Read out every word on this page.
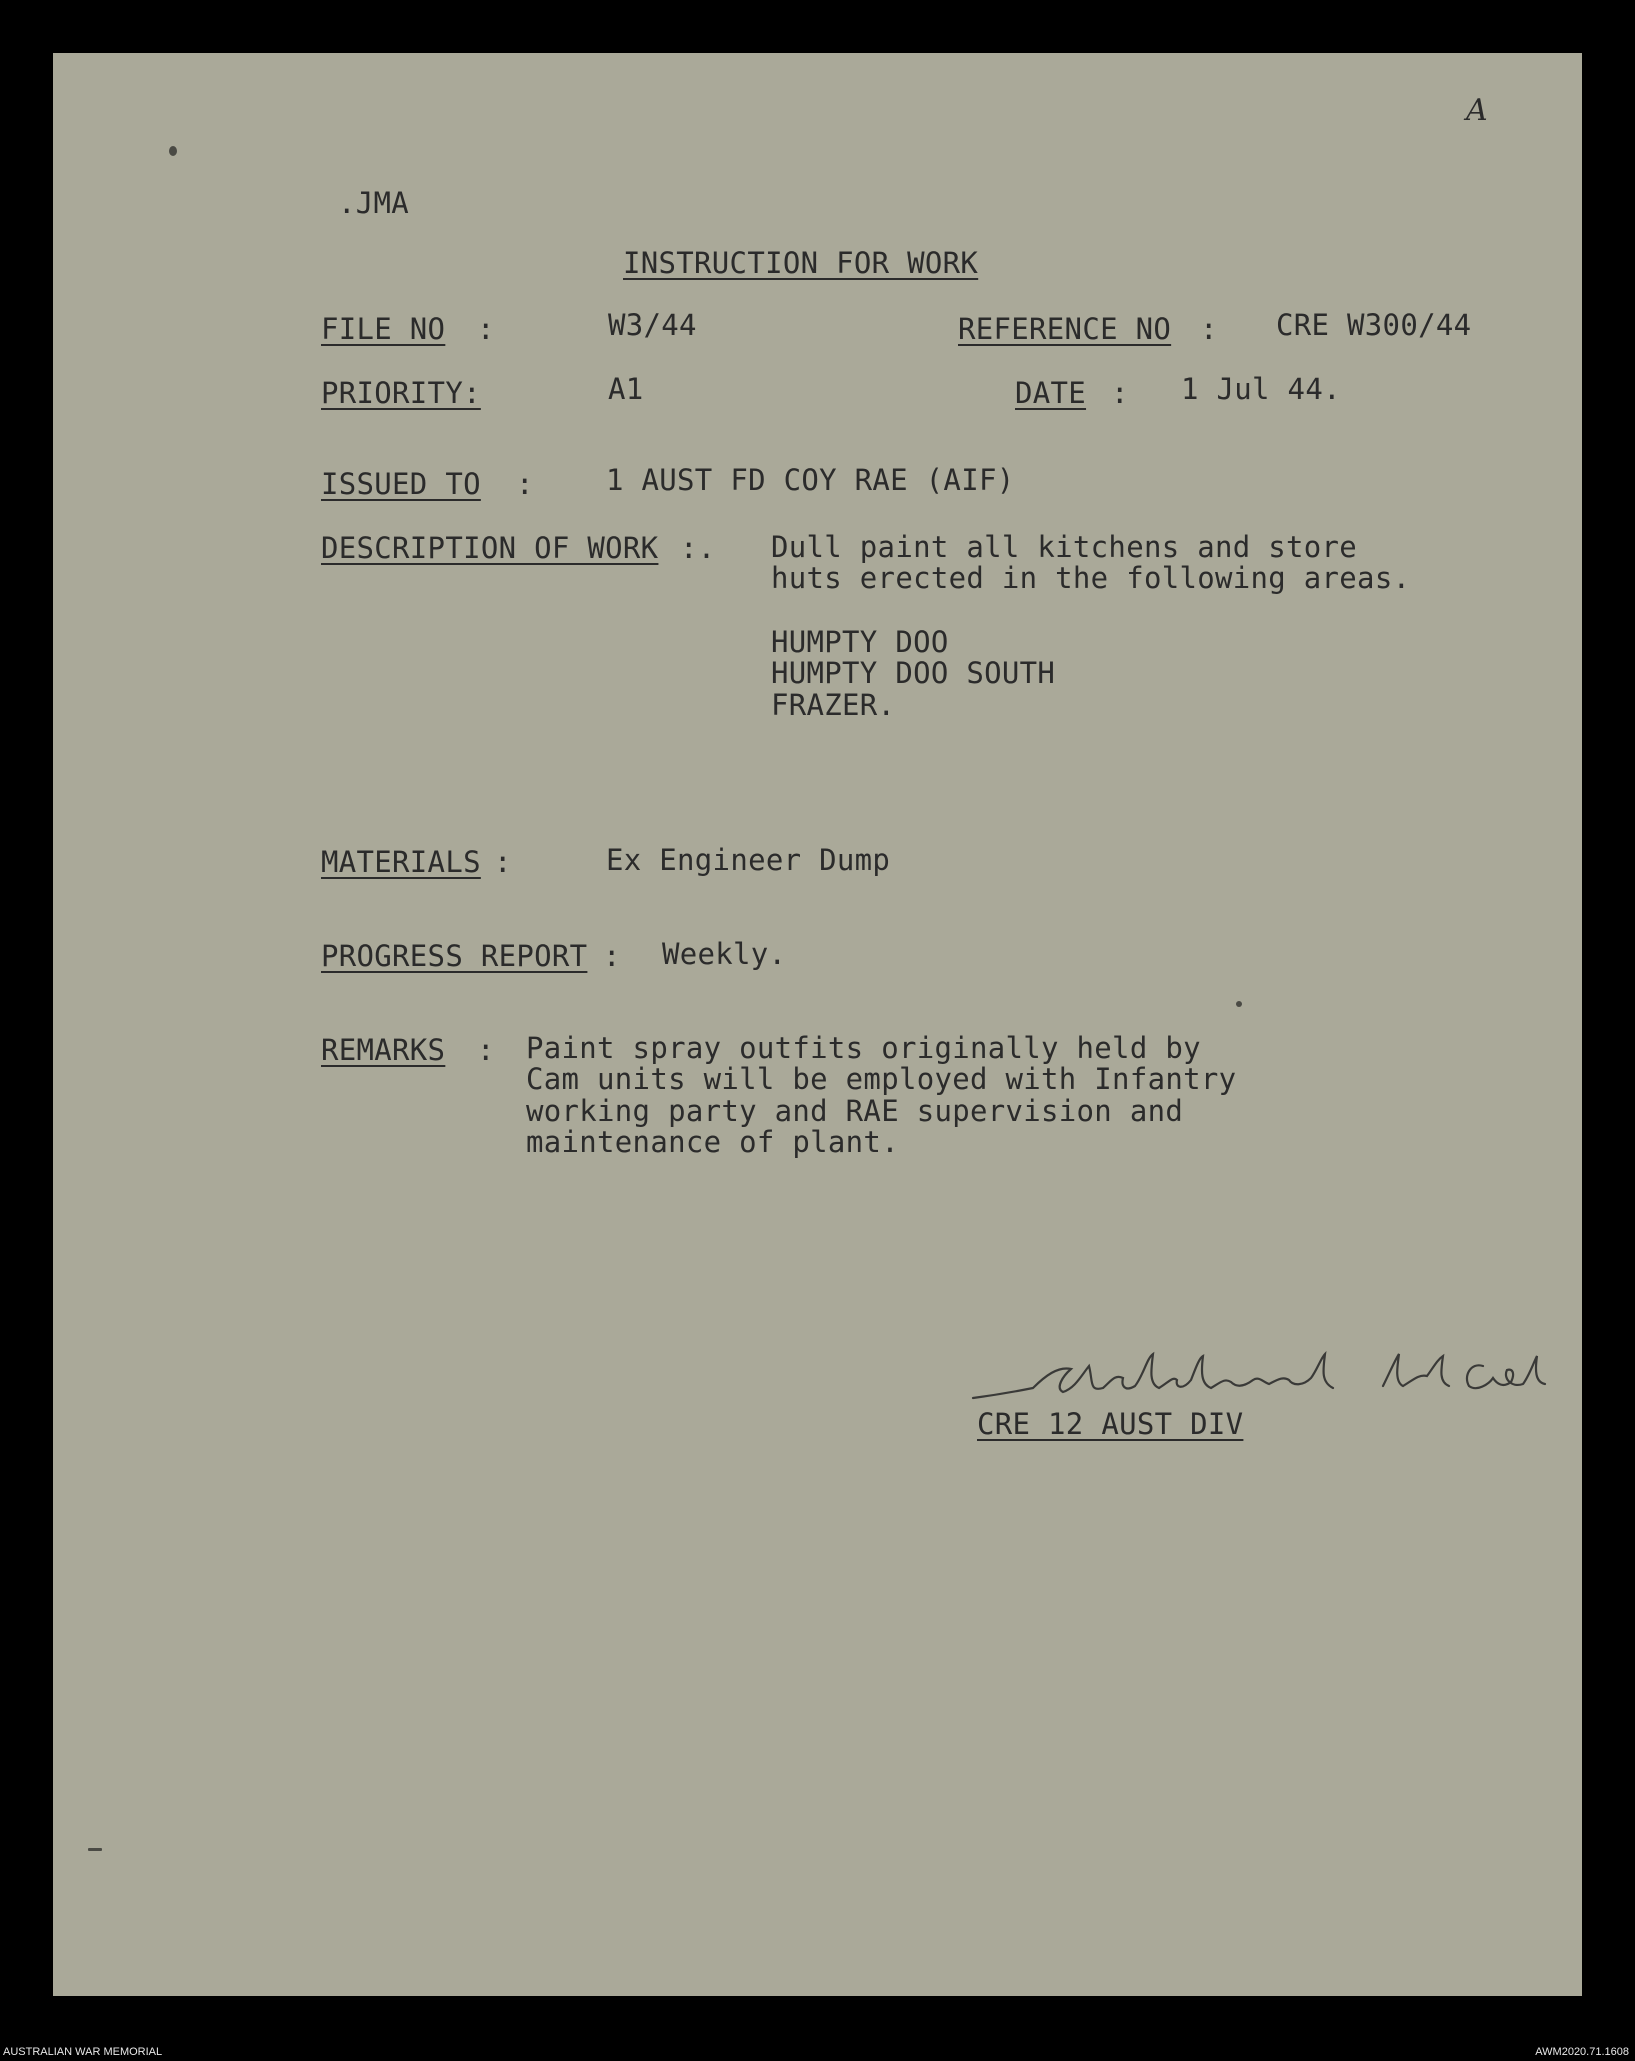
A
.JMA
INSTRUCTION FOR WORK
FILE NO :	W3/44	REFERENCE NO : CRE W300/44
PRIORITY:	A1	DATE : 1 Jul 44.
ISSUED TO : 1 AUST FD COY RAE (AIF)
DESCRIPTION OF WORK :. Dull paint all kitchens and store
huts erected in the following areas.
HUMPTY DOO
HUMPTY DOO SOUTH
FRAZER.
MATERIALS :	Ex Engineer Dump
PROGRESS REPORT : Weekly.
REMARKS : Paint spray outfits originally held by
Cam units will be employed with Infantry
working party and RAE supervision and
maintenance of plant.
CRE 12 AUST DIV
AUSTRALIAN WAR MEMORIAL	AWM2020.71.1608
